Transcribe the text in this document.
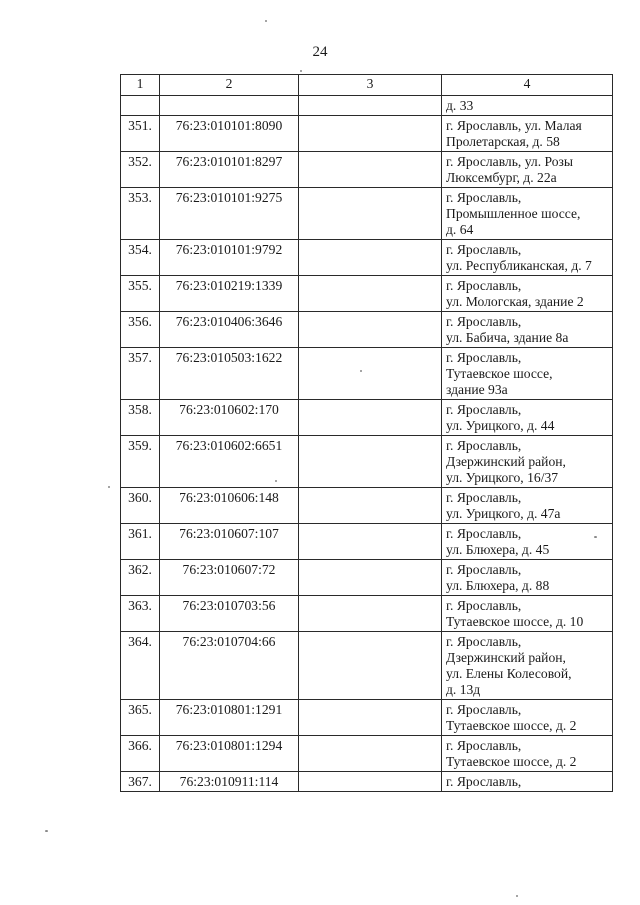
24
1	2	3	4

			д. 33

351.	76:23:010101:8090		г. Ярославль, ул. Малая
Пролетарская, д. 58

352.	76:23:010101:8297		г. Ярославль, ул. Розы
Люксембург, д. 22а

353.	76:23:010101:9275		г. Ярославль,
Промышленное шоссе,
д. 64

354.	76:23:010101:9792		г. Ярославль,
ул. Республиканская, д. 7

355.	76:23:010219:1339		г. Ярославль,
ул. Мологская, здание 2

356.	76:23:010406:3646		г. Ярославль,
ул. Бабича, здание 8а

357.	76:23:010503:1622		г. Ярославль,
Тутаевское шоссе,
здание 93а

358.	76:23:010602:170		г. Ярославль,
ул. Урицкого, д. 44

359.	76:23:010602:6651		г. Ярославль,
Дзержинский район,
ул. Урицкого, 16/37

360.	76:23:010606:148		г. Ярославль,
ул. Урицкого, д. 47а

361.	76:23:010607:107		г. Ярославль,
ул. Блюхера, д. 45

362.	76:23:010607:72		г. Ярославль,
ул. Блюхера, д. 88

363.	76:23:010703:56		г. Ярославль,
Тутаевское шоссе, д. 10

364.	76:23:010704:66		г. Ярославль,
Дзержинский район,
ул. Елены Колесовой,
д. 13д

365.	76:23:010801:1291		г. Ярославль,
Тутаевское шоссе, д. 2

366.	76:23:010801:1294		г. Ярославль,
Тутаевское шоссе, д. 2

367.	76:23:010911:114		г. Ярославль,
